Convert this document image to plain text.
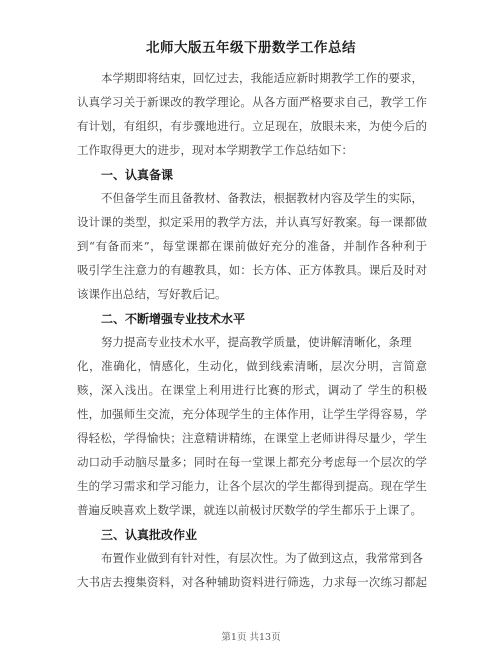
北师大版五年级下册数学工作总结
本学期即将结束，回忆过去，我能适应新时期教学工作的要求，
认真学习关于新课改的教学理论。从各方面严格要求自己，教学工作
有计划，有组织，有步骤地进行。立足现在，放眼未来，为使今后的
工作取得更大的进步，现对本学期教学工作总结如下：
一、认真备课
不但备学生而且备教材、备教法，根据教材内容及学生的实际，
设计课的类型，拟定采用的教学方法，并认真写好教案。每一课都做
到“有备而来”，每堂课都在课前做好充分的准备，并制作各种利于
吸引学生注意力的有趣教具，如：长方体、正方体教具。课后及时对
该课作出总结，写好教后记。
二、不断增强专业技术水平
努力提高专业技术水平，提高教学质量，使讲解清晰化，条理
化，准确化，情感化，生动化，做到线索清晰，层次分明，言简意
赅，深入浅出。在课堂上利用进行比赛的形式，调动了 学生的积极
性，加强师生交流，充分体现学生的主体作用，让学生学得容易，学
得轻松，学得愉快；注意精讲精练，在课堂上老师讲得尽量少，学生
动口动手动脑尽量多；同时在每一堂课上都充分考虑每一个层次的学
生的学习需求和学习能力，让各个层次的学生都得到提高。现在学生
普遍反映喜欢上数学课，就连以前极讨厌数学的学生都乐于上课了。
三、认真批改作业
布置作业做到有针对性，有层次性。为了做到这点，我常常到各
大书店去搜集资料，对各种辅助资料进行筛选，力求每一次练习都起
第1页 共13页
